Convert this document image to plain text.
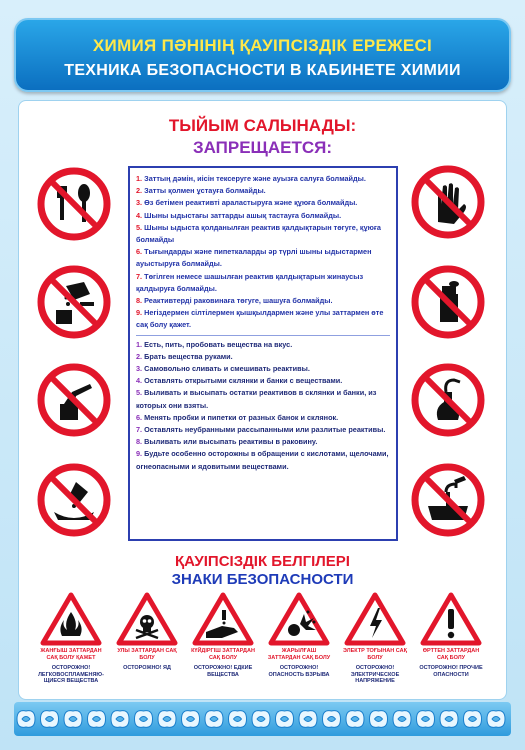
ХИМИЯ ПӘНІНІҢ ҚАУІПСІЗДІК ЕРЕЖЕСІ
ТЕХНИКА БЕЗОПАСНОСТИ В КАБИНЕТЕ ХИМИИ
ТЫЙЫМ САЛЫНАДЫ:
ЗАПРЕЩАЕТСЯ:
1. Заттың дәмін, иісін тексеруге және ауызға салуға болмайды.
2. Затты қолмен ұстауға болмайды.
3. Өз бетімен реактивті араластыруға және құюға болмайды.
4. Шыны ыдыстағы заттарды ашық тастауға болмайды.
5. Шыны ыдыста қолданылған реактив қалдықтарын төгуге, құюға болмайды
6. Тығындарды және пипеткаларды әр түрлі шыны ыдыстармен ауыстыруға болмайды.
7. Төгілген немесе шашылған реактив қалдықтарын жинаусыз қалдыруға болмайды.
8. Реактивтерді раковинаға төгуге, шашуға болмайды.
9. Негіздермен сілтілермен қышқылдармен және улы заттармен өте сақ болу қажет.
1. Есть, пить, пробовать вещества на вкус.
2. Брать вещества руками.
3. Самовольно сливать и смешивать реактивы.
4. Оставлять открытыми склянки и банки с веществами.
5. Выливать и высыпать остатки реактивов в склянки и банки, из которых они взяты.
6. Менять пробки и пипетки от разных банок и склянок.
7. Оставлять неубранными рассыпанными или разлитые реактивы.
8. Выливать или высыпать реактивы в раковину.
9. Будьте особенно осторожны в обращении с кислотами, щелочами, огнеопасными и ядовитыми веществами.
ҚАУІПСІЗДІК БЕЛГІЛЕРІ
ЗНАКИ БЕЗОПАСНОСТИ
ЖАНҒЫШ ЗАТТАРДАН САҚ БОЛУ ҚАЖЕТ
ОСТОРОЖНО! ЛЕГКОВОСПЛАМЕНЯЮ-ЩИЕСЯ ВЕЩЕСТВА
УЛЫ ЗАТТАРДАН САҚ БОЛУ
ОСТОРОЖНО! ЯД
КҮЙДІРГІШ ЗАТТАРДАН САҚ БОЛУ
ОСТОРОЖНО! ЕДКИЕ ВЕЩЕСТВА
ЖАРЫЛҒАШ ЗАТТАРДАН САҚ БОЛУ
ОСТОРОЖНО! ОПАСНОСТЬ ВЗРЫВА
ЭЛЕКТР ТОҒЫНАН САҚ БОЛУ
ОСТОРОЖНО! ЭЛЕКТРИЧЕСКОЕ НАПРЯЖЕНИЕ
ӨРТТЕН ЗАТТАРДАН САҚ БОЛУ
ОСТОРОЖНО! ПРОЧИЕ ОПАСНОСТИ
